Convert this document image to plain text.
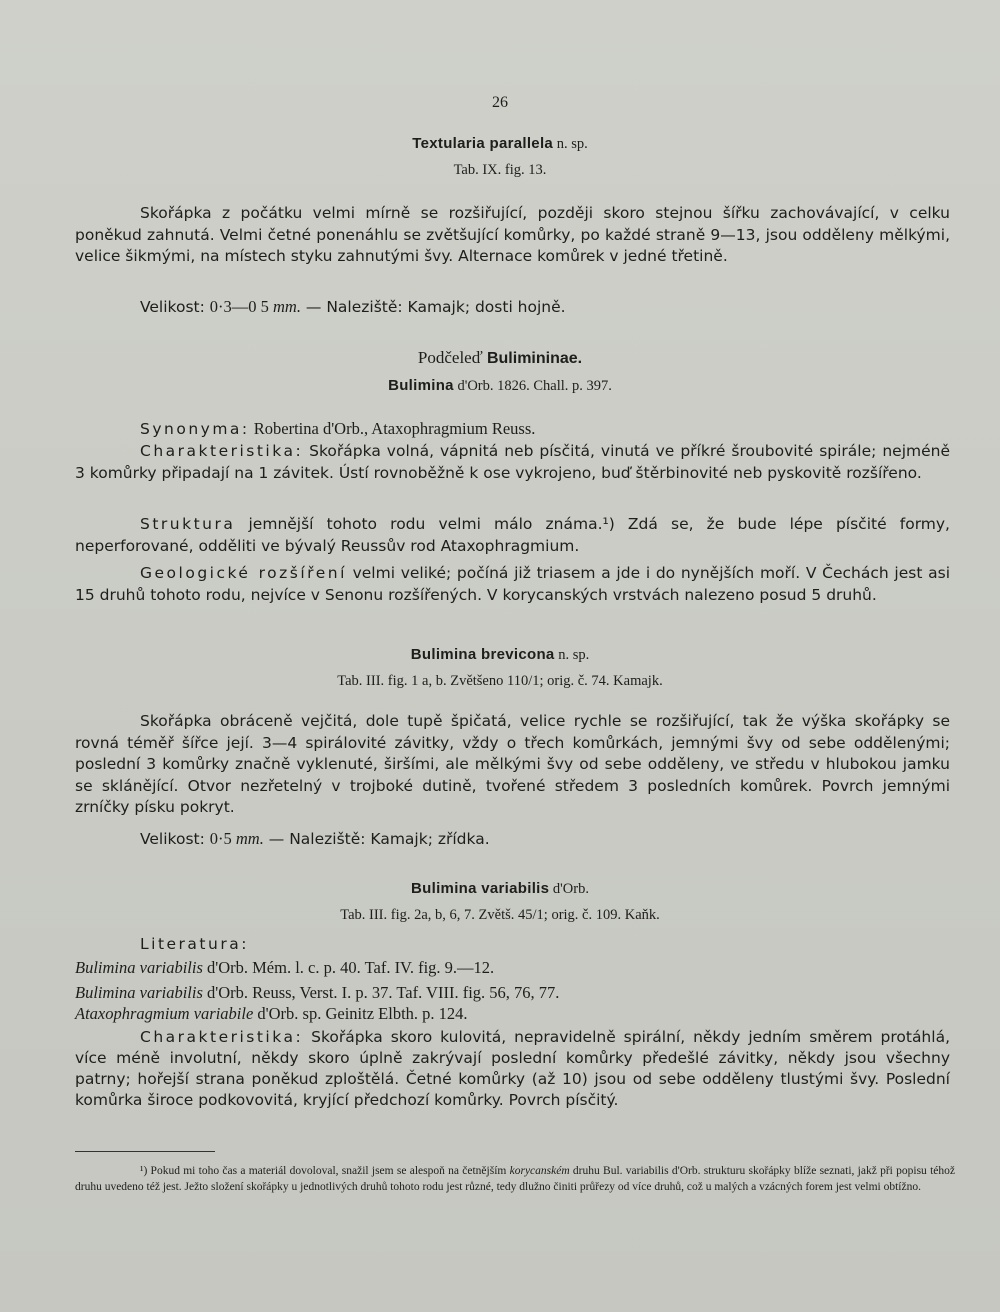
26
Textularia parallela n. sp.
Tab. IX. fig. 13.
Skořápka z počátku velmi mírně se rozšiřující, později skoro stejnou šířku zachovávající, v celku poněkud zahnutá. Velmi četné ponenáhlu se zvětšující komůrky, po každé straně 9—13, jsou odděleny mělkými, velice šikmými, na místech styku zahnutými švy. Alternace komůrek v jedné třetině.
Velikost: 0·3—0 5 mm. — Naleziště: Kamajk; dosti hojně.
Podčeleď Bulimininae.
Bulimina d'Orb. 1826. Chall. p. 397.
Synonyma: Robertina d'Orb., Ataxophragmium Reuss.
Charakteristika: Skořápka volná, vápnitá neb písčitá, vinutá ve příkré šroubovité spirále; nejméně 3 komůrky připadají na 1 závitek. Ústí rovnoběžně k ose vykrojeno, buď štěrbinovité neb pyskovitě rozšířeno.
Struktura jemnější tohoto rodu velmi málo známa.¹) Zdá se, že bude lépe písčité formy, neperforované, odděliti ve bývalý Reussův rod Ataxophragmium.
Geologické rozšíření velmi veliké; počíná již triasem a jde i do nynějších moří. V Čechách jest asi 15 druhů tohoto rodu, nejvíce v Senonu rozšířených. V korycanských vrstvách nalezeno posud 5 druhů.
Bulimina brevicona n. sp.
Tab. III. fig. 1 a, b. Zvětšeno 110/1; orig. č. 74. Kamajk.
Skořápka obráceně vejčitá, dole tupě špičatá, velice rychle se rozšiřující, tak že výška skořápky se rovná téměř šířce její. 3—4 spirálovité závitky, vždy o třech komůrkách, jemnými švy od sebe oddělenými; poslední 3 komůrky značně vyklenuté, širšími, ale mělkými švy od sebe odděleny, ve středu v hlubokou jamku se sklánějící. Otvor nezřetelný v trojboké dutině, tvořené středem 3 posledních komůrek. Povrch jemnými zrníčky písku pokryt.
Velikost: 0·5 mm. — Naleziště: Kamajk; zřídka.
Bulimina variabilis d'Orb.
Tab. III. fig. 2a, b, 6, 7. Zvětš. 45/1; orig. č. 109. Kaňk.
Literatura:
Bulimina variabilis d'Orb. Mém. l. c. p. 40. Taf. IV. fig. 9.—12.
Bulimina variabilis d'Orb. Reuss, Verst. I. p. 37. Taf. VIII. fig. 56, 76, 77.
Ataxophragmium variabile d'Orb. sp. Geinitz Elbth. p. 124.
Charakteristika: Skořápka skoro kulovitá, nepravidelně spirální, někdy jedním směrem protáhlá, více méně involutní, někdy skoro úplně zakrývají poslední komůrky předešlé závitky, někdy jsou všechny patrny; hořejší strana poněkud zploštělá. Četné komůrky (až 10) jsou od sebe odděleny tlustými švy. Poslední komůrka široce podkovovitá, kryjící předchozí komůrky. Povrch písčitý.
¹) Pokud mi toho čas a materiál dovoloval, snažil jsem se alespoň na četnějším korycanském druhu Bul. variabilis d'Orb. strukturu skořápky blíže seznati, jakž při popisu téhož druhu uvedeno též jest. Ježto složení skořápky u jednotlivých druhů tohoto rodu jest různé, tedy dlužno činiti průřezy od více druhů, což u malých a vzácných forem jest velmi obtížno.
